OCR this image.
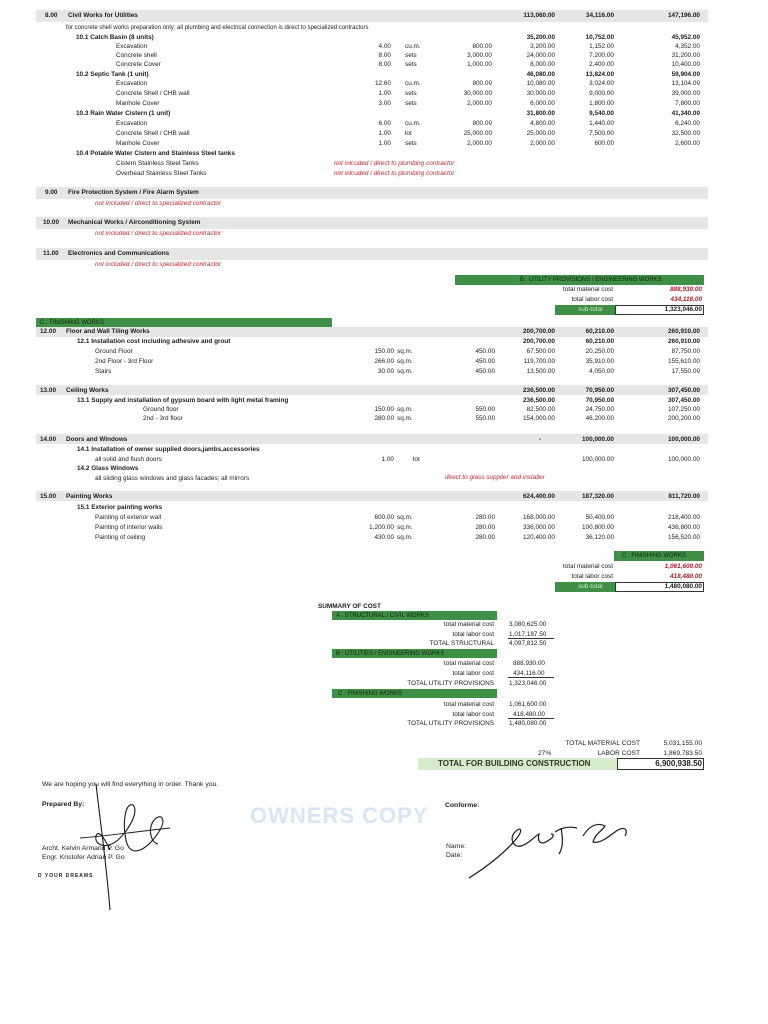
8.00 Civil Works for Utilities	113,060.00	34,116.00	147,196.00
for concrete shell works preparation only; all plumbing and electrical connection is direct to specialized contractors
10.1 Catch Basin (8 units)	35,200.00	10,752.00	45,952.00
Excavation	4.00 cu.m.	800.00	3,200.00	1,152.00	4,352.00
Concrete shell	8.00 sets	3,000.00	24,000.00	7,200.00	31,200.00
Concrete Cover	8.00 sets	1,000.00	8,000.00	2,400.00	10,400.00
10.2 Septic Tank (1 unit)	46,080.00	13,824.00	59,904.00
Excavation	12.60 cu.m.	800.00	10,080.00	3,024.00	13,104.00
Concrete Shell / CHB wall	1.00 sets	30,000.00	30,000.00	9,000.00	39,000.00
Manhole Cover	3.00 sets	2,000.00	6,000.00	1,800.00	7,800.00
10.3 Rain Water Cistern (1 unit)	31,800.00	9,540.00	41,340.00
Excavation	6.00 cu.m.	800.00	4,800.00	1,440.00	6,240.00
Concrete Shell / CHB wall	1.00 lot	25,000.00	25,000.00	7,500.00	32,500.00
Manhole Cover	1.00 sets	2,000.00	2,000.00	600.00	2,600.00
10.4 Potable Water Cistern and Stainless Steel tanks
Cistern Stainless Steel Tanks	not inlcuded / direct to plumbing contractor
Overhead Stainless Steel Tanks	not inlcuded / direct to plumbing contractor
9.00 Fire Protection System / Fire Alarm System
not included / direct to specialized contractor
10.00 Mechanical Works / Airconditioning System
not included / direct to specialized contractor
11.00 Electronics and Communications
not included / direct to specialized contractor
B : UTILITY PROVISIONS / ENGINEERING WORKS
total material cost	888,930.00
total labor cost	434,116.00
sub-total	1,323,046.00
C : FINISHING WORKS
12.00 Floor and Wall Tiling Works	200,700.00	60,210.00	260,910.00
12.1 Installation cost including adhesive and grout	200,700.00	60,210.00	260,910.00
Ground Floor	150.00 sq.m.	450.00	67,500.00	20,250.00	87,750.00
2nd Floor - 3rd Floor	266.00 sq.m.	450.00	119,700.00	35,910.00	155,610.00
Stairs	30.00 sq.m.	450.00	13,500.00	4,050.00	17,550.00
13.00 Ceiling Works	236,500.00	70,950.00	307,450.00
13.1 Supply and installation of gypsum board with light metal framing	236,500.00	70,950.00	307,450.00
Ground floor	150.00 sq.m.	550.00	82,500.00	24,750.00	107,250.00
2nd - 3rd floor	280.00 sq.m.	550.00	154,000.00	46,200.00	200,200.00
14.00 Doors and Windows	-	100,000.00	100,000.00
14.1 Installation of owner supplied doors,jambs,accessories
all solid and flush doors	1.00	lot	100,000.00	100,000.00
14.2 Glass Windows
all sliding glass windows and glass facades; all mirrors	direct to glass supplier and installer
15.00 Painting Works	624,400.00	187,320.00	811,720.00
15.1 Exterior painting works
Painting of exterior wall	600.00 sq.m.	280.00	168,000.00	50,400.00	218,400.00
Painting of interior walls	1,200.00 sq.m.	280.00	336,000.00	100,800.00	436,800.00
Painting of ceiling	430.00 sq.m.	280.00	120,400.00	36,120.00	156,520.00
C : FINISHING WORKS
total material cost	1,061,600.00
total labor cost	418,480.00
sub-total	1,480,080.00
SUMMARY OF COST
A : STRUCTURAL / CIVIL WORKS
total material cost 3,080,625.00
total labor cost 1,017,187.50
TOTAL STRUCTURAL 4,097,812.50
B : UTILITIES / ENGINEERING WORKS
total material cost	888,930.00
total labor cost	434,116.00
TOTAL UTILITY PROVISIONS 1,323,046.00
C : FINISHING WORKS
total material cost 1,061,600.00
total labor cost	418,480.00
TOTAL UTILITY PROVISIONS 1,480,080.00
TOTAL MATERIAL COST	5,031,155.00
27%	LABOR COST	1,869,783.50
TOTAL FOR BUILDING CONSTRUCTION	6,900,938.50
We are hoping you will find everything in order. Thank you.
Prepared By:
Archt. Kelvin Armand P. Go
Engr. Kristofer Adrian P. Go
D YOUR DREAMS
OWNERS COPY Conforme:
Name:
Date:
